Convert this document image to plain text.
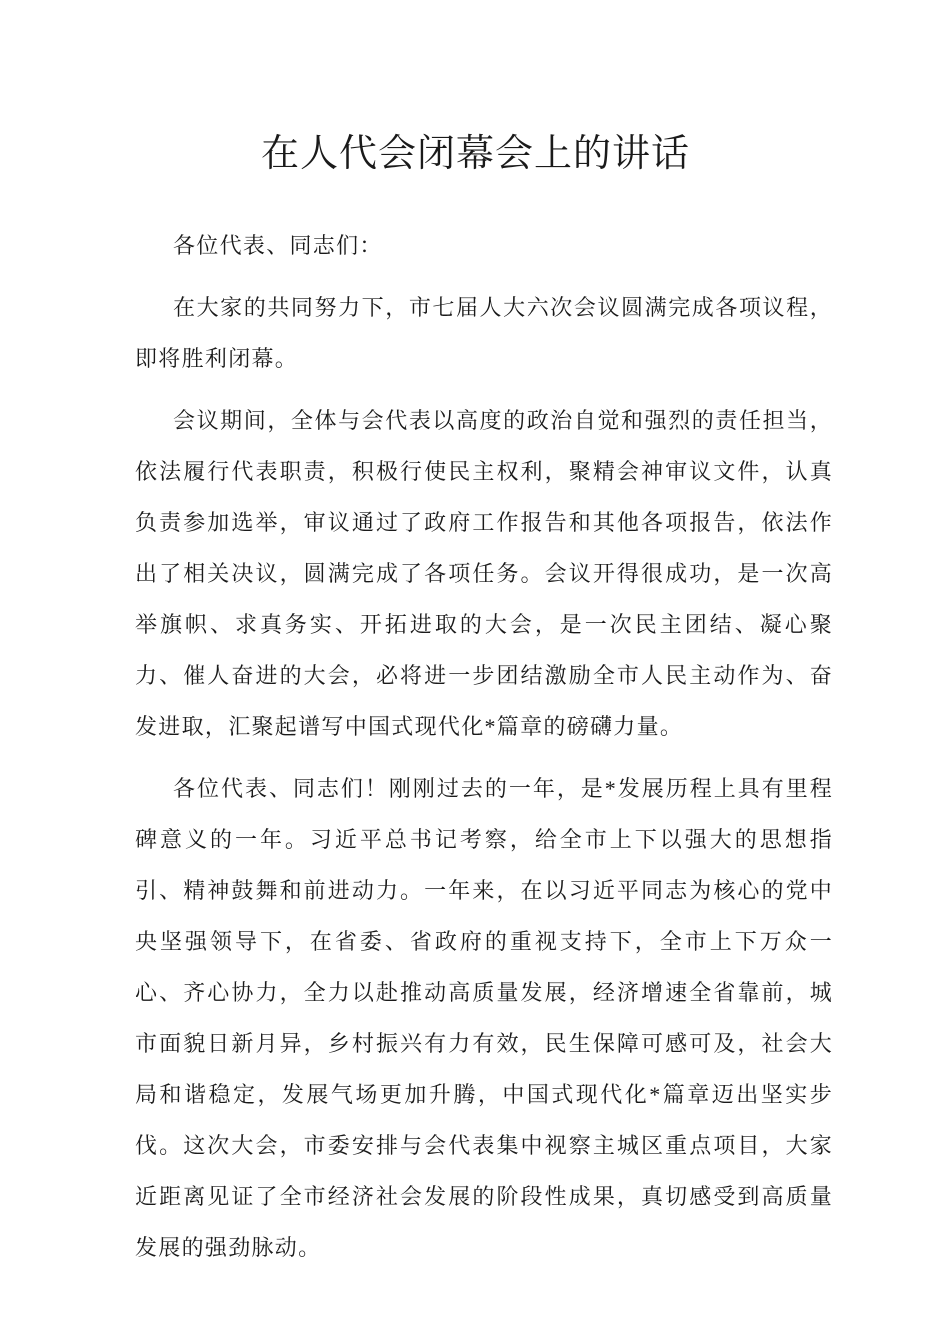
在人代会闭幕会上的讲话

各位代表、同志们：

在大家的共同努力下，市七届人大六次会议圆满完成各项议程，即将胜利闭幕。

会议期间，全体与会代表以高度的政治自觉和强烈的责任担当，依法履行代表职责，积极行使民主权利，聚精会神审议文件，认真负责参加选举，审议通过了政府工作报告和其他各项报告，依法作出了相关决议，圆满完成了各项任务。会议开得很成功，是一次高举旗帜、求真务实、开拓进取的大会，是一次民主团结、凝心聚力、催人奋进的大会，必将进一步团结激励全市人民主动作为、奋发进取，汇聚起谱写中国式现代化*篇章的磅礴力量。

各位代表、同志们！刚刚过去的一年，是*发展历程上具有里程碑意义的一年。习近平总书记考察，给全市上下以强大的思想指引、精神鼓舞和前进动力。一年来，在以习近平同志为核心的党中央坚强领导下，在省委、省政府的重视支持下，全市上下万众一心、齐心协力，全力以赴推动高质量发展，经济增速全省靠前，城市面貌日新月异，乡村振兴有力有效，民生保障可感可及，社会大局和谐稳定，发展气场更加升腾，中国式现代化*篇章迈出坚实步伐。这次大会，市委安排与会代表集中视察主城区重点项目，大家近距离见证了全市经济社会发展的阶段性成果，真切感受到高质量发展的强劲脉动。
